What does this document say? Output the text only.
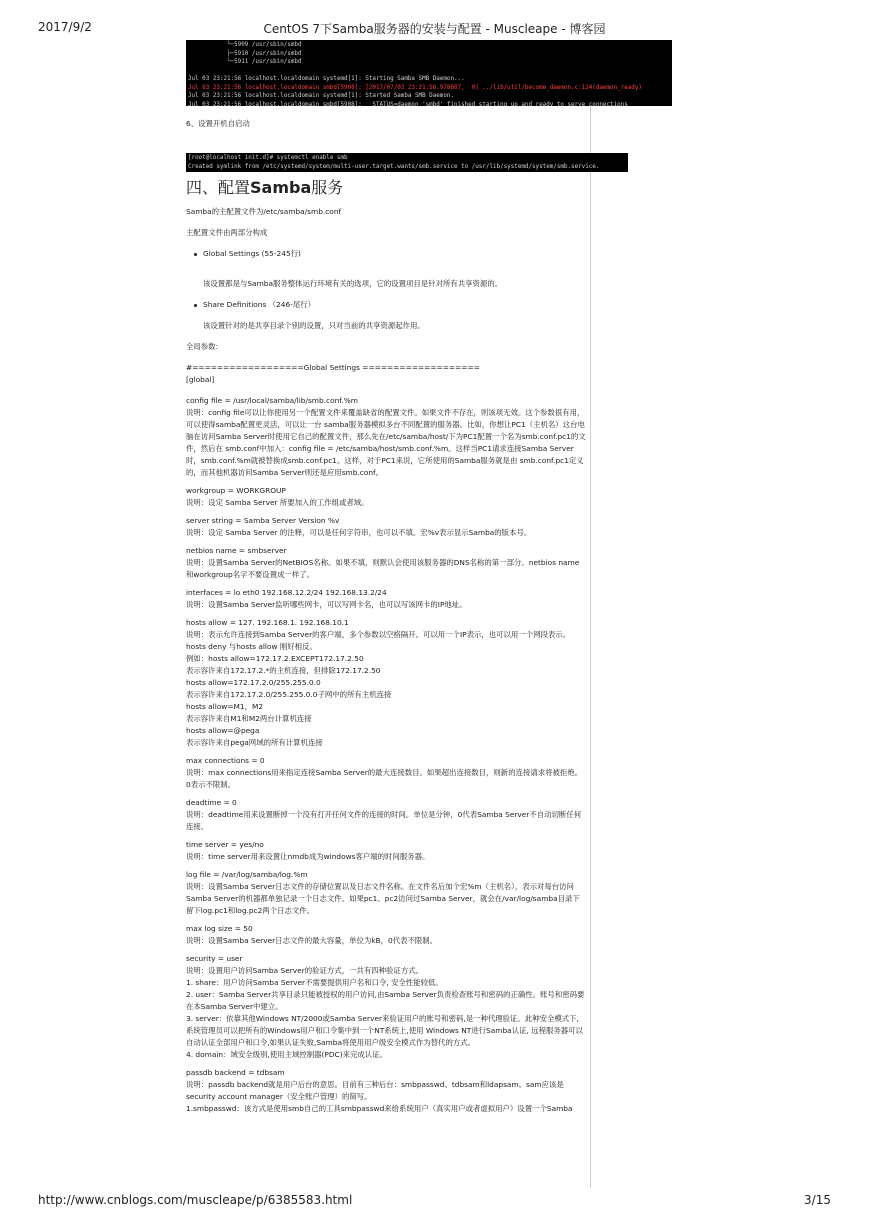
2017/9/2	CentOS 7下Samba服务器的安装与配置 - Muscleape - 博客园
└─5909 /usr/sbin/smbd
├─5910 /usr/sbin/smbd
└─5911 /usr/sbin/smbd

Jul 03 23:21:56 localhost.localdomain systemd[1]: Starting Samba SMB Daemon...
Jul 03 23:21:56 localhost.localdomain smbd[5908]: [2017/07/03 23:21:56.978607,  0] ../lib/util/become_daemon.c:124(daemon_ready)
Jul 03 23:21:56 localhost.localdomain systemd[1]: Started Samba SMB Daemon.
Jul 03 23:21:56 localhost.localdomain smbd[5908]:   STATUS=daemon 'smbd' finished starting up and ready to serve connections

6、设置开机自启动

[root@localhost init.d]# systemctl enable smb
Created symlink from /etc/systemd/system/multi-user.target.wants/smb.service to /usr/lib/systemd/system/smb.service.
四、配置Samba服务

Samba的主配置文件为/etc/samba/smb.conf

主配置文件由两部分构成

Global Settings (55-245行)

该设置都是与Samba服务整体运行环境有关的选项，它的设置项目是针对所有共享资源的。

Share Definitions （246-尾行）

该设置针对的是共享目录个别的设置，只对当前的共享资源起作用。

全局参数:

#==================Global Settings ===================

[global]

config file = /usr/local/samba/lib/smb.conf.%m

说明：config file可以让你使用另一个配置文件来覆盖缺省的配置文件。如果文件不存在，则该项无效。这个参数很有用，可以使得samba配置更灵活，可以让一台 samba服务器模拟多台不同配置的服务器。比如，你想让PC1（主机名）这台电脑在访问Samba Server时使用它自己的配置文件，那么先在/etc/samba/host/下为PC1配置一个名为smb.conf.pc1的文件，然后在 smb.conf中加入：config file = /etc/samba/host/smb.conf.%m。这样当PC1请求连接Samba Server时，smb.conf.%m就被替换成smb.conf.pc1。这样，对于PC1来说，它所使用的Samba服务就是由 smb.conf.pc1定义的，而其他机器访问Samba Server则还是应用smb.conf。

workgroup = WORKGROUP

说明：设定 Samba Server 所要加入的工作组或者域。

server string = Samba Server Version %v

说明：设定 Samba Server 的注释，可以是任何字符串，也可以不填。宏%v表示显示Samba的版本号。

netbios name = smbserver

说明：设置Samba Server的NetBIOS名称。如果不填，则默认会使用该服务器的DNS名称的第一部分。netbios name和workgroup名字不要设置成一样了。

interfaces = lo eth0 192.168.12.2/24 192.168.13.2/24

说明：设置Samba Server监听哪些网卡，可以写网卡名，也可以写该网卡的IP地址。

hosts allow = 127. 192.168.1. 192.168.10.1

说明：表示允许连接到Samba Server的客户端，多个参数以空格隔开。可以用一个IP表示，也可以用一个网段表示。

hosts deny 与hosts allow 刚好相反。

例如：hosts allow=172.17.2.EXCEPT172.17.2.50

表示容许来自172.17.2.*的主机连接，但排除172.17.2.50

hosts allow=172.17.2.0/255.255.0.0

表示容许来自172.17.2.0/255.255.0.0子网中的所有主机连接

hosts allow=M1，M2

表示容许来自M1和M2两台计算机连接

hosts allow=@pega

表示容许来自pega网域的所有计算机连接

max connections = 0

说明：max connections用来指定连接Samba Server的最大连接数目。如果超出连接数目，则新的连接请求将被拒绝。0表示不限制。

deadtime = 0

说明：deadtime用来设置断掉一个没有打开任何文件的连接的时间。单位是分钟，0代表Samba Server不自动切断任何连接。

time server = yes/no

说明：time server用来设置让nmdb成为windows客户端的时间服务器。

log file = /var/log/samba/log.%m

说明：设置Samba Server日志文件的存储位置以及日志文件名称。在文件名后加个宏%m（主机名），表示对每台访问Samba Server的机器都单独记录一个日志文件。如果pc1、pc2访问过Samba Server，就会在/var/log/samba目录下留下log.pc1和log.pc2两个日志文件。

max log size = 50

说明：设置Samba Server日志文件的最大容量，单位为kB，0代表不限制。

security = user

说明：设置用户访问Samba Server的验证方式，一共有四种验证方式。

1. share：用户访问Samba Server不需要提供用户名和口令, 安全性能较低。

2. user：Samba Server共享目录只能被授权的用户访问,由Samba Server负责检查账号和密码的正确性。账号和密码要在本Samba Server中建立。

3. server：依靠其他Windows NT/2000或Samba Server来验证用户的账号和密码,是一种代理验证。此种安全模式下,系统管理员可以把所有的Windows用户和口令集中到一个NT系统上,使用 Windows NT进行Samba认证, 远程服务器可以自动认证全部用户和口令,如果认证失败,Samba将使用用户级安全模式作为替代的方式。

4. domain：域安全级别,使用主域控制器(PDC)来完成认证。

passdb backend = tdbsam

说明：passdb backend就是用户后台的意思。目前有三种后台：smbpasswd、tdbsam和ldapsam。sam应该是security account manager（安全账户管理）的简写。

1.smbpasswd：该方式是使用smb自己的工具smbpasswd来给系统用户（真实用户或者虚拟用户）设置一个Samba

http://www.cnblogs.com/muscleape/p/6385583.html	3/15
